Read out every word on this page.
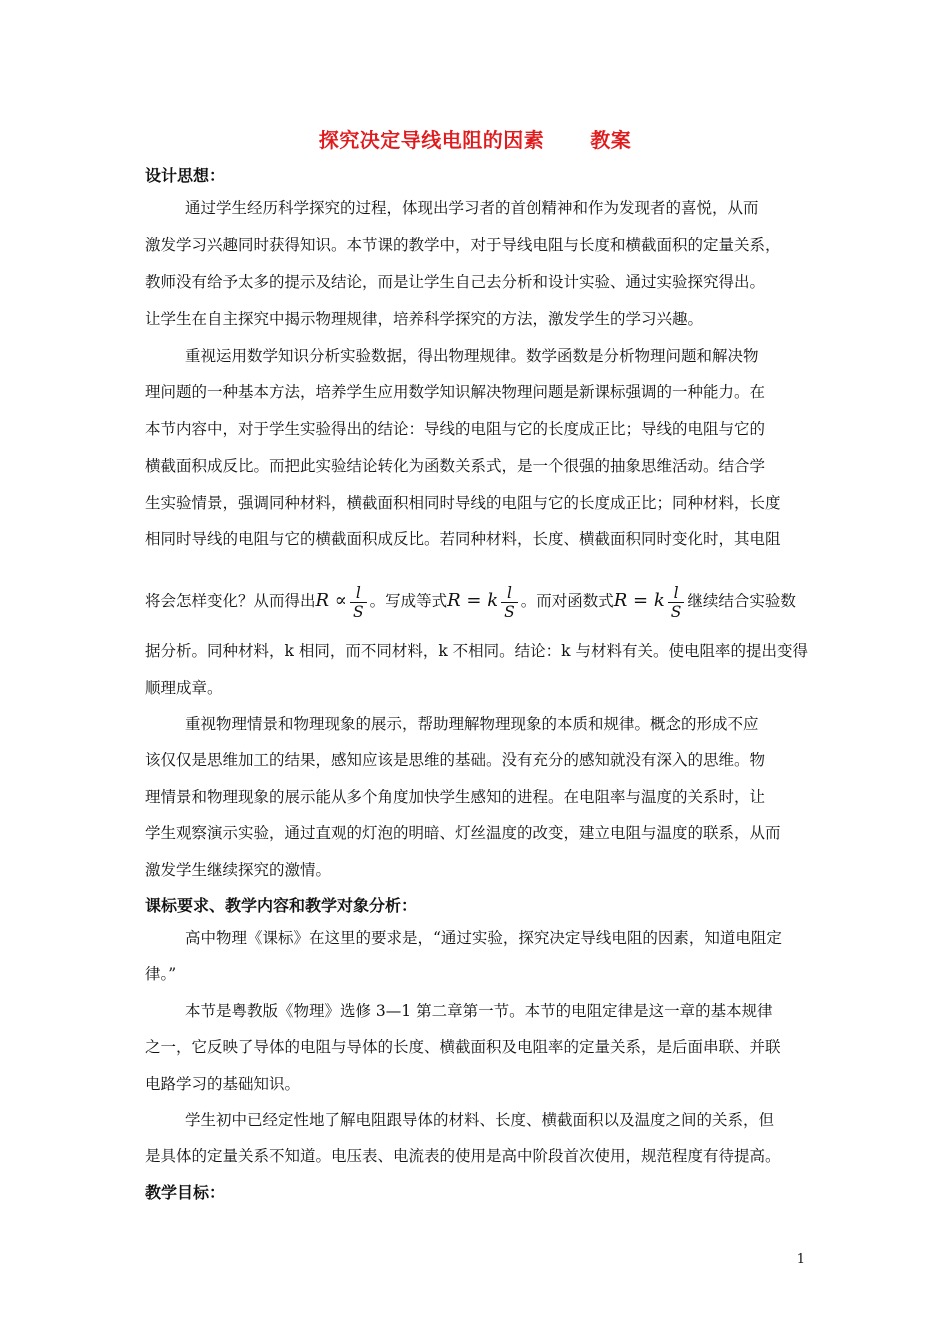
探究决定导线电阻的因素 教案
设计思想：
通过学生经历科学探究的过程，体现出学习者的首创精神和作为发现者的喜悦，从而
激发学习兴趣同时获得知识。本节课的教学中，对于导线电阻与长度和横截面积的定量关系，
教师没有给予太多的提示及结论，而是让学生自己去分析和设计实验、通过实验探究得出。
让学生在自主探究中揭示物理规律，培养科学探究的方法，激发学生的学习兴趣。
重视运用数学知识分析实验数据，得出物理规律。数学函数是分析物理问题和解决物
理问题的一种基本方法，培养学生应用数学知识解决物理问题是新课标强调的一种能力。在
本节内容中，对于学生实验得出的结论：导线的电阻与它的长度成正比；导线的电阻与它的
横截面积成反比。而把此实验结论转化为函数关系式，是一个很强的抽象思维活动。结合学
生实验情景，强调同种材料，横截面积相同时导线的电阻与它的长度成正比；同种材料，长度
相同时导线的电阻与它的横截面积成反比。若同种材料，长度、横截面积同时变化时，其电阻
将会怎样变化？从而得出$R \propto \frac{l}{S}$ 。写成等式R = k $\frac{l}{S}$ 。而对函数式R = k $\frac{l}{S}$ 继续结合实验数
据分析。同种材料，k 相同，而不同材料，k 不相同。结论：k 与材料有关。使电阻率的提出变得
顺理成章。
重视物理情景和物理现象的展示，帮助理解物理现象的本质和规律。概念的形成不应
该仅仅是思维加工的结果，感知应该是思维的基础。没有充分的感知就没有深入的思维。物
理情景和物理现象的展示能从多个角度加快学生感知的进程。在电阻率与温度的关系时，让
学生观察演示实验，通过直观的灯泡的明暗、灯丝温度的改变，建立电阻与温度的联系，从而
激发学生继续探究的激情。
课标要求、教学内容和教学对象分析：
高中物理《课标》在这里的要求是，“通过实验，探究决定导线电阻的因素，知道电阻定
律。”
本节是粤教版《物理》选修 3—1 第二章第一节。本节的电阻定律是这一章的基本规律
之一，它反映了导体的电阻与导体的长度、横截面积及电阻率的定量关系，是后面串联、并联
电路学习的基础知识。
学生初中已经定性地了解电阻跟导体的材料、长度、横截面积以及温度之间的关系，但
是具体的定量关系不知道。电压表、电流表的使用是高中阶段首次使用，规范程度有待提高。
教学目标：
1
